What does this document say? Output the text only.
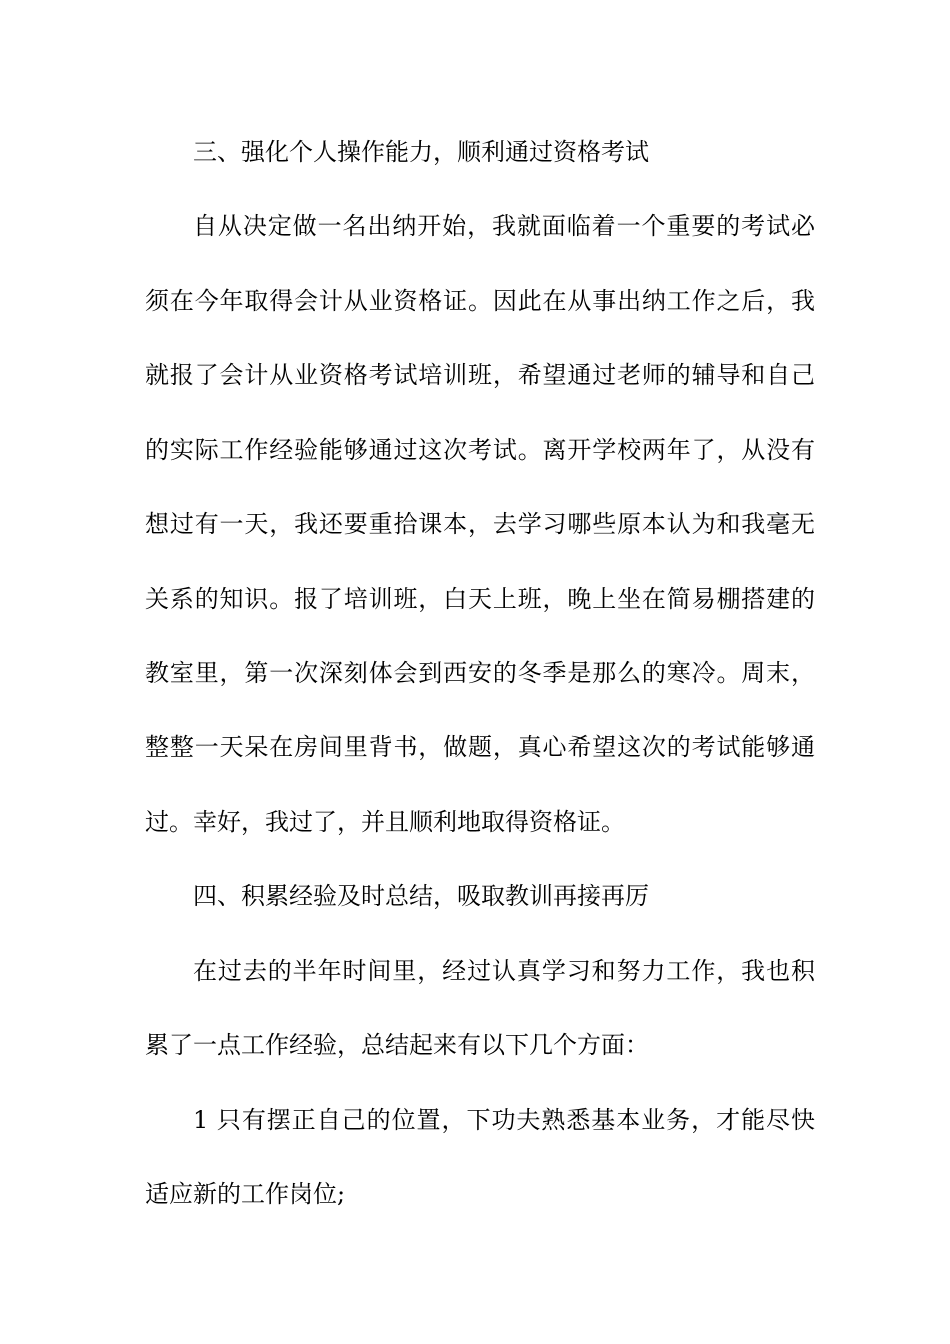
三、强化个人操作能力，顺利通过资格考试
自从决定做一名出纳开始，我就面临着一个重要的考试必
须在今年取得会计从业资格证。因此在从事出纳工作之后，我
就报了会计从业资格考试培训班，希望通过老师的辅导和自己
的实际工作经验能够通过这次考试。离开学校两年了，从没有
想过有一天，我还要重拾课本，去学习哪些原本认为和我毫无
关系的知识。报了培训班，白天上班，晚上坐在简易棚搭建的
教室里，第一次深刻体会到西安的冬季是那么的寒冷。周末，
整整一天呆在房间里背书，做题，真心希望这次的考试能够通
过。幸好，我过了，并且顺利地取得资格证。
四、积累经验及时总结，吸取教训再接再厉
在过去的半年时间里，经过认真学习和努力工作，我也积
累了一点工作经验，总结起来有以下几个方面：
1 只有摆正自己的位置，下功夫熟悉基本业务，才能尽快
适应新的工作岗位;
